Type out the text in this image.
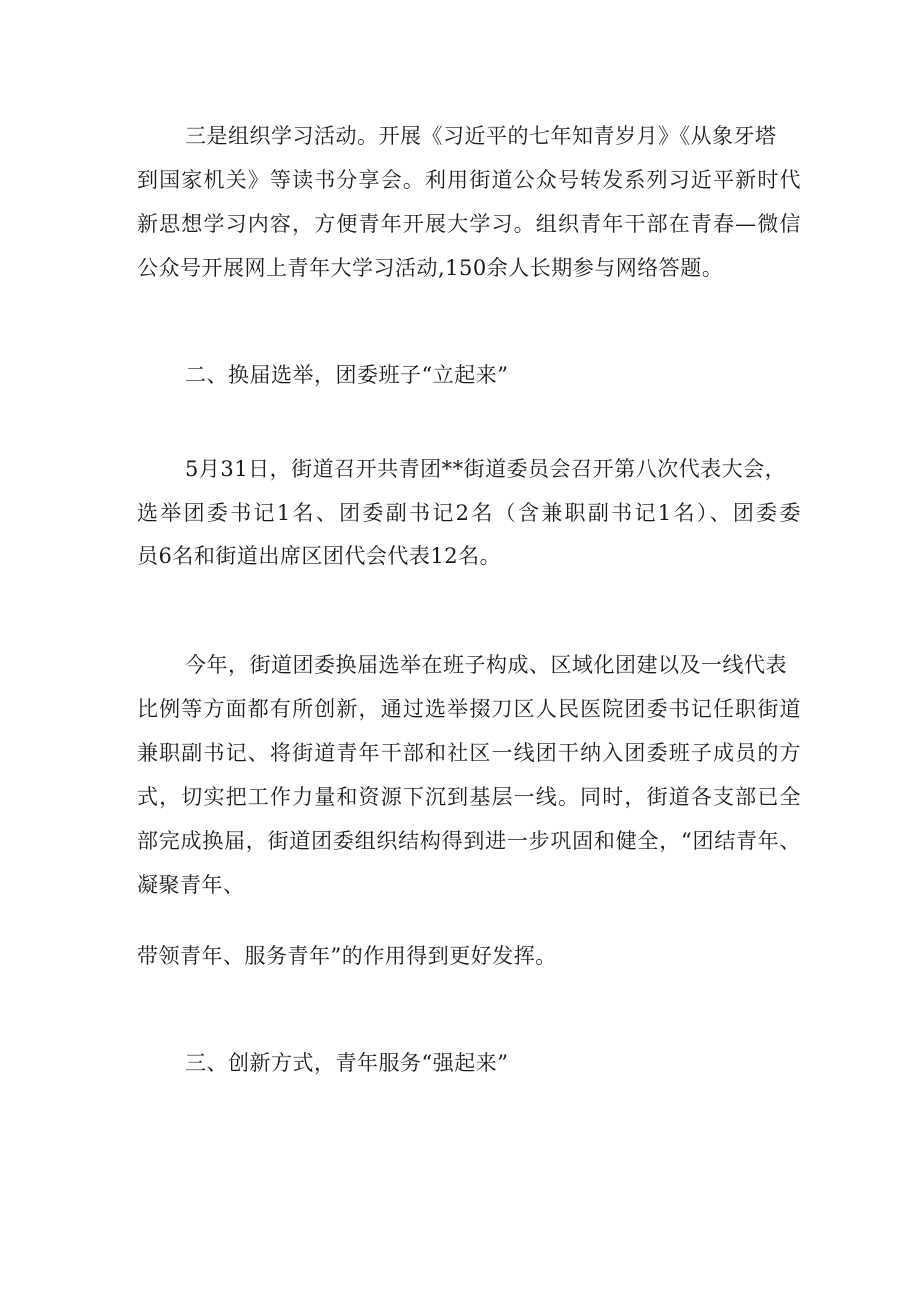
三是组织学习活动。开展《习近平的七年知青岁月》《从象牙塔
到国家机关》等读书分享会。利用街道公众号转发系列习近平新时代
新思想学习内容，方便青年开展大学习。组织青年干部在青春—微信
公众号开展网上青年大学习活动,150余人长期参与网络答题。
二、换届选举，团委班子“立起来”
5月31日，街道召开共青团**街道委员会召开第八次代表大会，
选举团委书记1名、团委副书记2名（含兼职副书记1名）、团委委
员6名和街道出席区团代会代表12名。
今年，街道团委换届选举在班子构成、区域化团建以及一线代表
比例等方面都有所创新，通过选举掇刀区人民医院团委书记任职街道
兼职副书记、将街道青年干部和社区一线团干纳入团委班子成员的方
式，切实把工作力量和资源下沉到基层一线。同时，街道各支部已全
部完成换届，街道团委组织结构得到进一步巩固和健全，“团结青年、
凝聚青年、
带领青年、服务青年”的作用得到更好发挥。
三、创新方式，青年服务“强起来”
